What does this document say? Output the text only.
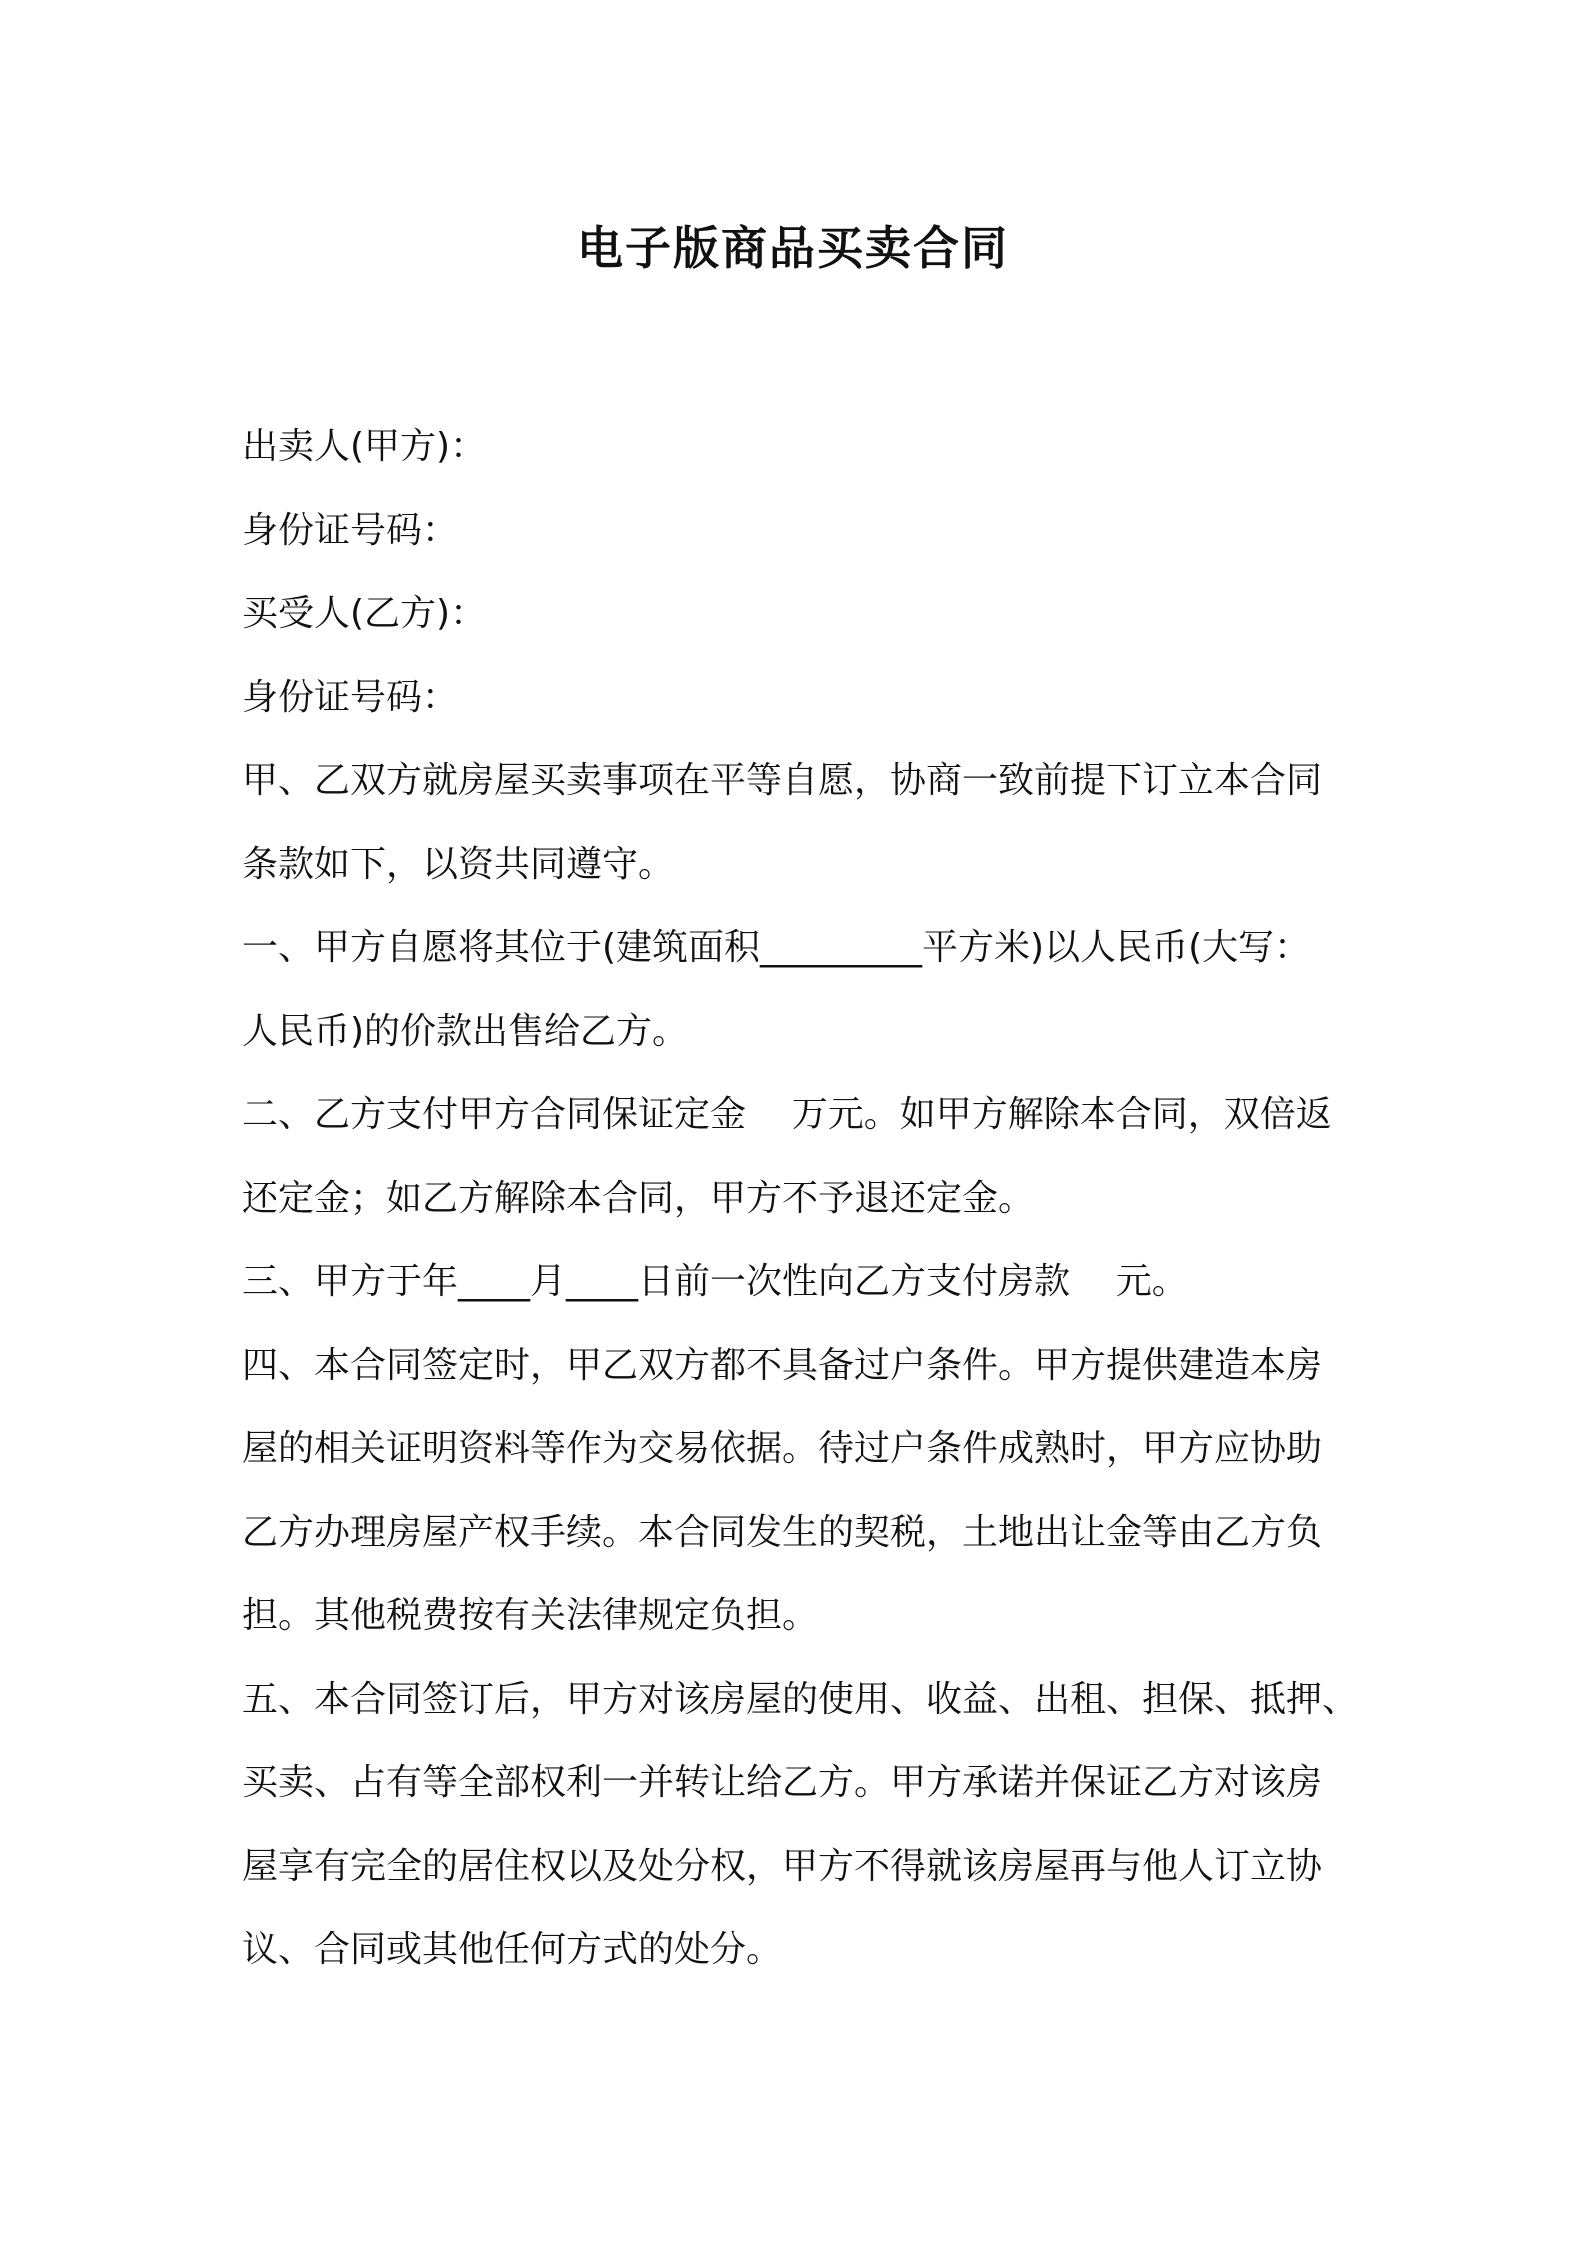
电子版商品买卖合同
出卖人(甲方)：
身份证号码：
买受人(乙方)：
身份证号码：
甲、乙双方就房屋买卖事项在平等自愿，协商一致前提下订立本合同
条款如下，以资共同遵守。
一、甲方自愿将其位于(建筑面积_________平方米)以人民币(大写：
人民币)的价款出售给乙方。
二、乙方支付甲方合同保证定金    万元。如甲方解除本合同，双倍返
还定金；如乙方解除本合同，甲方不予退还定金。
三、甲方于年____月____日前一次性向乙方支付房款    元。
四、本合同签定时，甲乙双方都不具备过户条件。甲方提供建造本房
屋的相关证明资料等作为交易依据。待过户条件成熟时，甲方应协助
乙方办理房屋产权手续。本合同发生的契税，土地出让金等由乙方负
担。其他税费按有关法律规定负担。
五、本合同签订后，甲方对该房屋的使用、收益、出租、担保、抵押、
买卖、占有等全部权利一并转让给乙方。甲方承诺并保证乙方对该房
屋享有完全的居住权以及处分权，甲方不得就该房屋再与他人订立协
议、合同或其他任何方式的处分。
